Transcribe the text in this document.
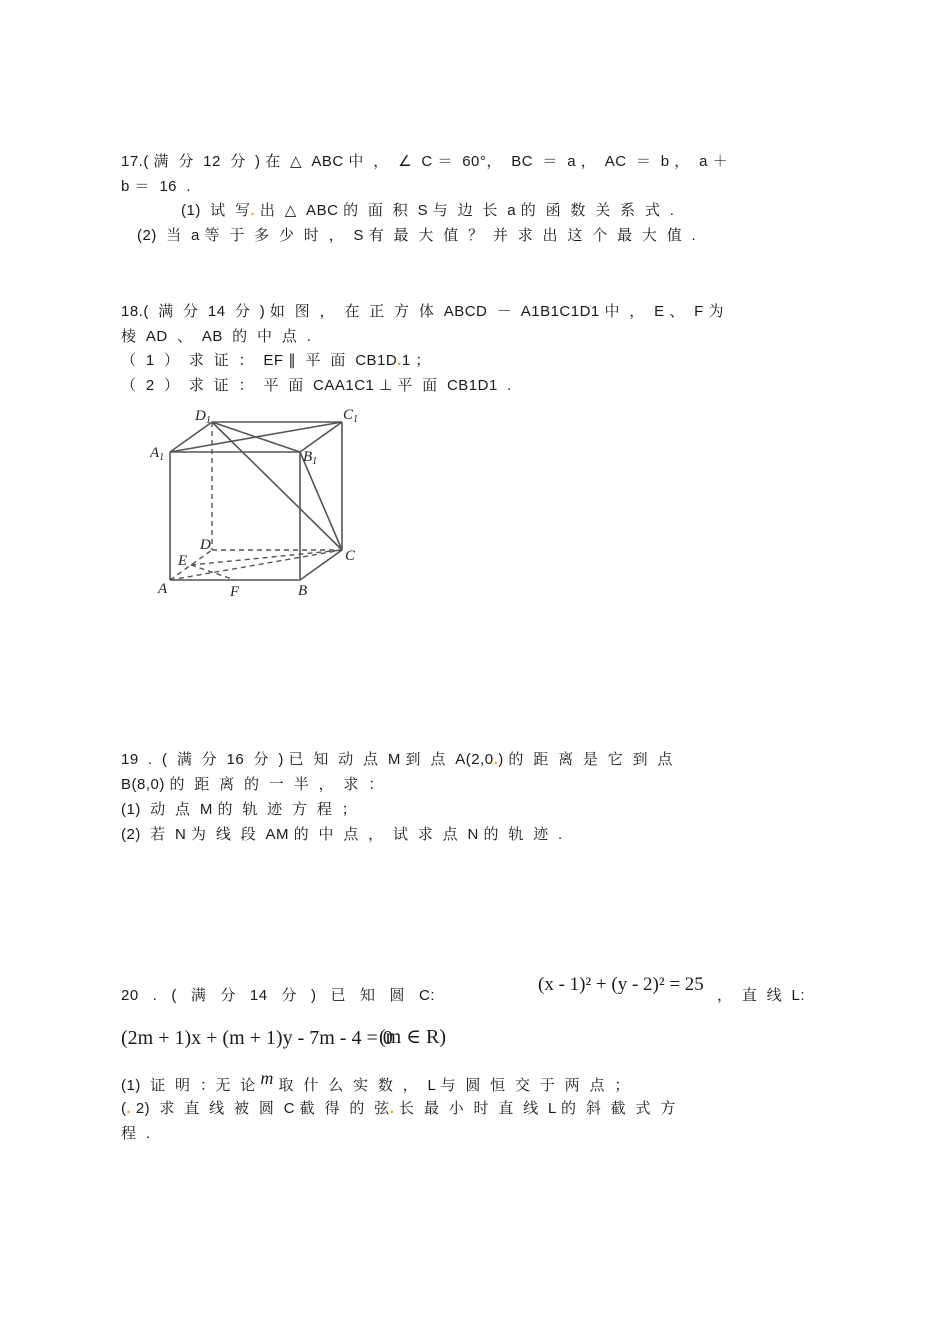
17.( 满  分  12  分  ) 在  △  ABC 中  ，  ∠  C ＝  60°，  BC  ＝  a ，  AC  ＝  b ，  a ＋
b ＝  16  .
(1)  试  写. 出  △  ABC 的  面  积  S 与  边  长  a 的  函  数  关  系  式  .
(2)  当  a 等  于  多  少  时  ，  S 有  最  大  值  ？  并  求  出  这  个  最  大  值  .
18.(  满  分  14  分  ) 如  图  ，  在  正  方  体  ABCD  －  A1B1C1D1 中  ，  E 、  F 为
棱  AD  、  AB  的  中  点  .
（  1  ）  求  证  ：  EF ∥  平  面  CB1D.1 ；
（  2  ）  求  证  ：  平  面  CAA1C1 ⊥ 平  面  CB1D1  .
$D_1$	$C_1$
$A_1$	$B_1$
D
E	C
A	F	B
19  .  (  满  分  16  分  ) 已  知  动  点  M 到  点  A(2,0.) 的  距  离  是  它  到  点
B(8,0) 的  距  离  的  一  半  ，  求  ：
(1)  动  点  M 的  轨  迹  方  程  ；
(2)  若  N 为  线  段  AM 的  中  点  ，  试  求  点  N 的  轨  迹  .
20   .   (   满   分   14   分   )   已   知   圆   C:
(x - 1)² + (y - 2)² = 25
，  直  线  L:
(2m + 1)x + (m + 1)y - 7m - 4 = 0
(m ∈ R)
(1)  证  明  ：无  论 m 取  什  么  实  数  ，  L 与  圆  恒  交  于  两  点  ；
(. 2)  求  直  线  被  圆  C 截  得  的  弦. 长  最  小  时  直  线  L 的  斜  截  式  方
程  .
